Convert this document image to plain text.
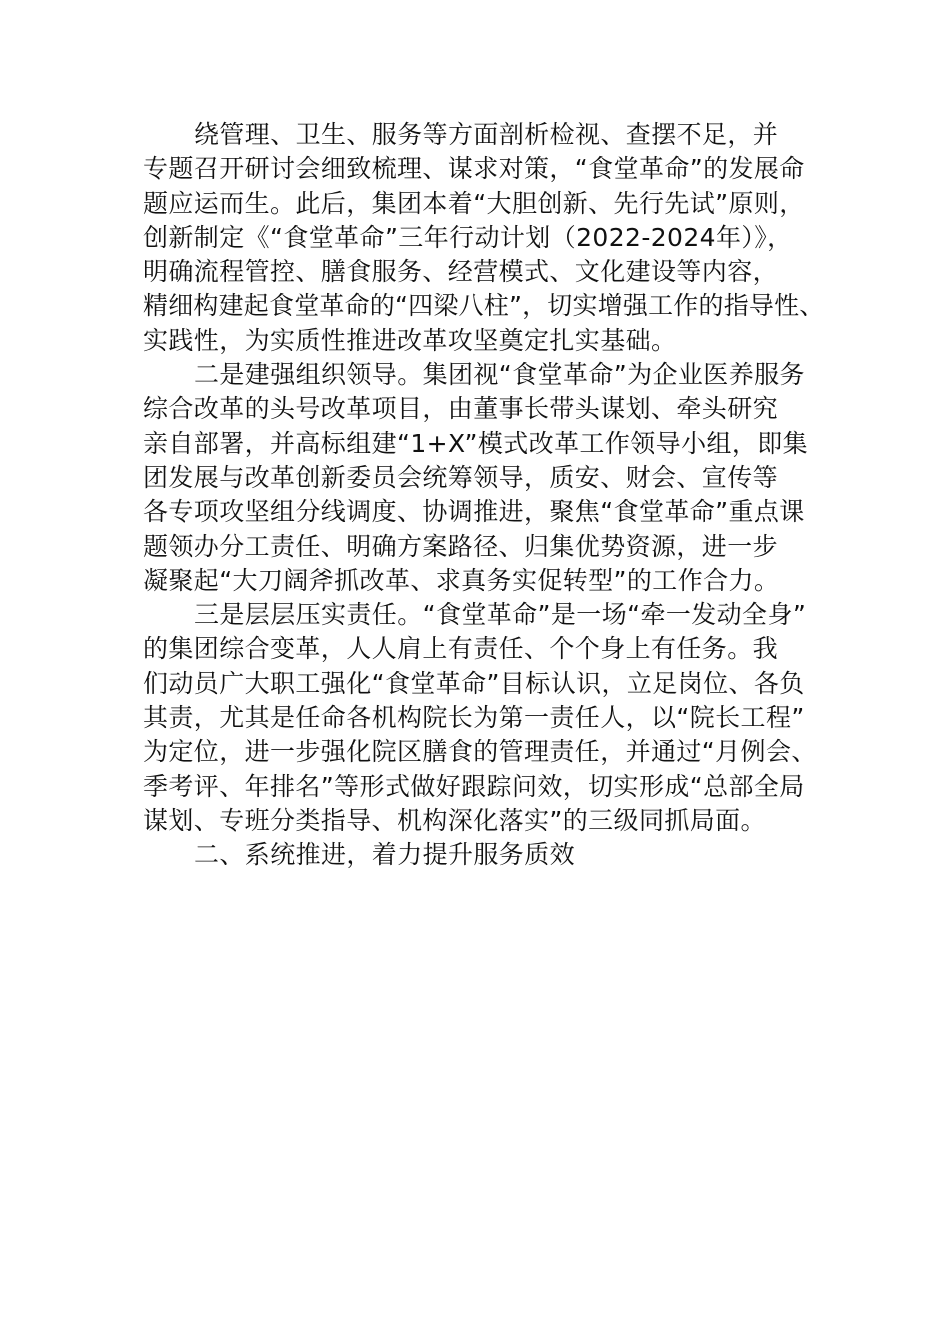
绕管理、卫生、服务等方面剖析检视、查摆不足，并
专题召开研讨会细致梳理、谋求对策，“食堂革命”的发展命
题应运而生。此后，集团本着“大胆创新、先行先试”原则，
创新制定《“食堂革命”三年行动计划（2022-2024年）》，
明确流程管控、膳食服务、经营模式、文化建设等内容，
精细构建起食堂革命的“四梁八柱”，切实增强工作的指导性、
实践性，为实质性推进改革攻坚奠定扎实基础。
二是建强组织领导。集团视“食堂革命”为企业医养服务
综合改革的头号改革项目，由董事长带头谋划、牵头研究
亲自部署，并高标组建“1+X”模式改革工作领导小组，即集
团发展与改革创新委员会统筹领导，质安、财会、宣传等
各专项攻坚组分线调度、协调推进，聚焦“食堂革命”重点课
题领办分工责任、明确方案路径、归集优势资源，进一步
凝聚起“大刀阔斧抓改革、求真务实促转型”的工作合力。
三是层层压实责任。“食堂革命”是一场“牵一发动全身”
的集团综合变革，人人肩上有责任、个个身上有任务。我
们动员广大职工强化“食堂革命”目标认识，立足岗位、各负
其责，尤其是任命各机构院长为第一责任人，以“院长工程”
为定位，进一步强化院区膳食的管理责任，并通过“月例会、
季考评、年排名”等形式做好跟踪问效，切实形成“总部全局
谋划、专班分类指导、机构深化落实”的三级同抓局面。
二、系统推进，着力提升服务质效
